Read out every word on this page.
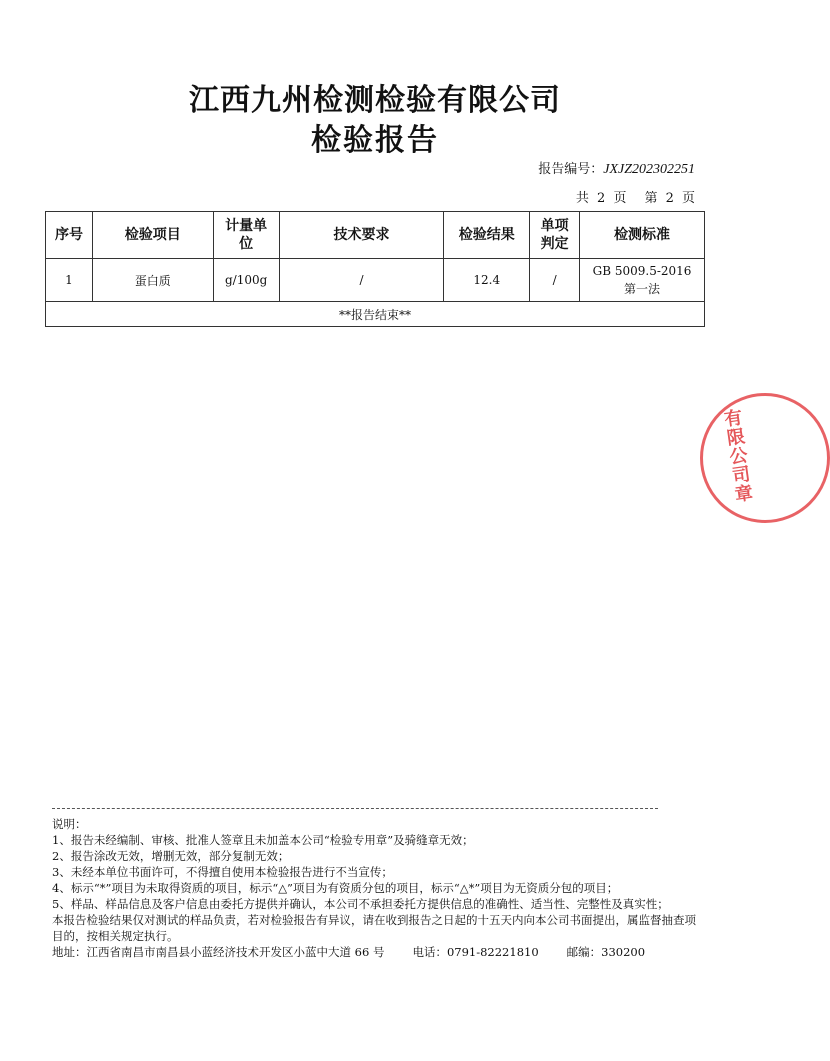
江西九州检测检验有限公司
检验报告
报告编号：JXJZ202302251
共 2 页 第 2 页
序号	检验项目	计量单位	技术要求	检验结果	单项判定	检测标准
1	蛋白质	g/100g	/	12.4	/	GB 5009.5-2016
第一法

**报告结束**						
有限公司章
说明：
1、报告未经编制、审核、批准人签章且未加盖本公司“检验专用章”及骑缝章无效；
2、报告涂改无效，增删无效，部分复制无效；
3、未经本单位书面许可，不得擅自使用本检验报告进行不当宣传；
4、标示“*”项目为未取得资质的项目，标示“△”项目为有资质分包的项目，标示“△*”项目为无资质分包的项目；
5、样品、样品信息及客户信息由委托方提供并确认，本公司不承担委托方提供信息的准确性、适当性、完整性及真实性；
本报告检验结果仅对测试的样品负责，若对检验报告有异议，请在收到报告之日起的十五天内向本公司书面提出，属监督抽查项目的，按相关规定执行。
地址：江西省南昌市南昌县小蓝经济技术开发区小蓝中大道 66 号 电话：0791-82221810 邮编：330200
